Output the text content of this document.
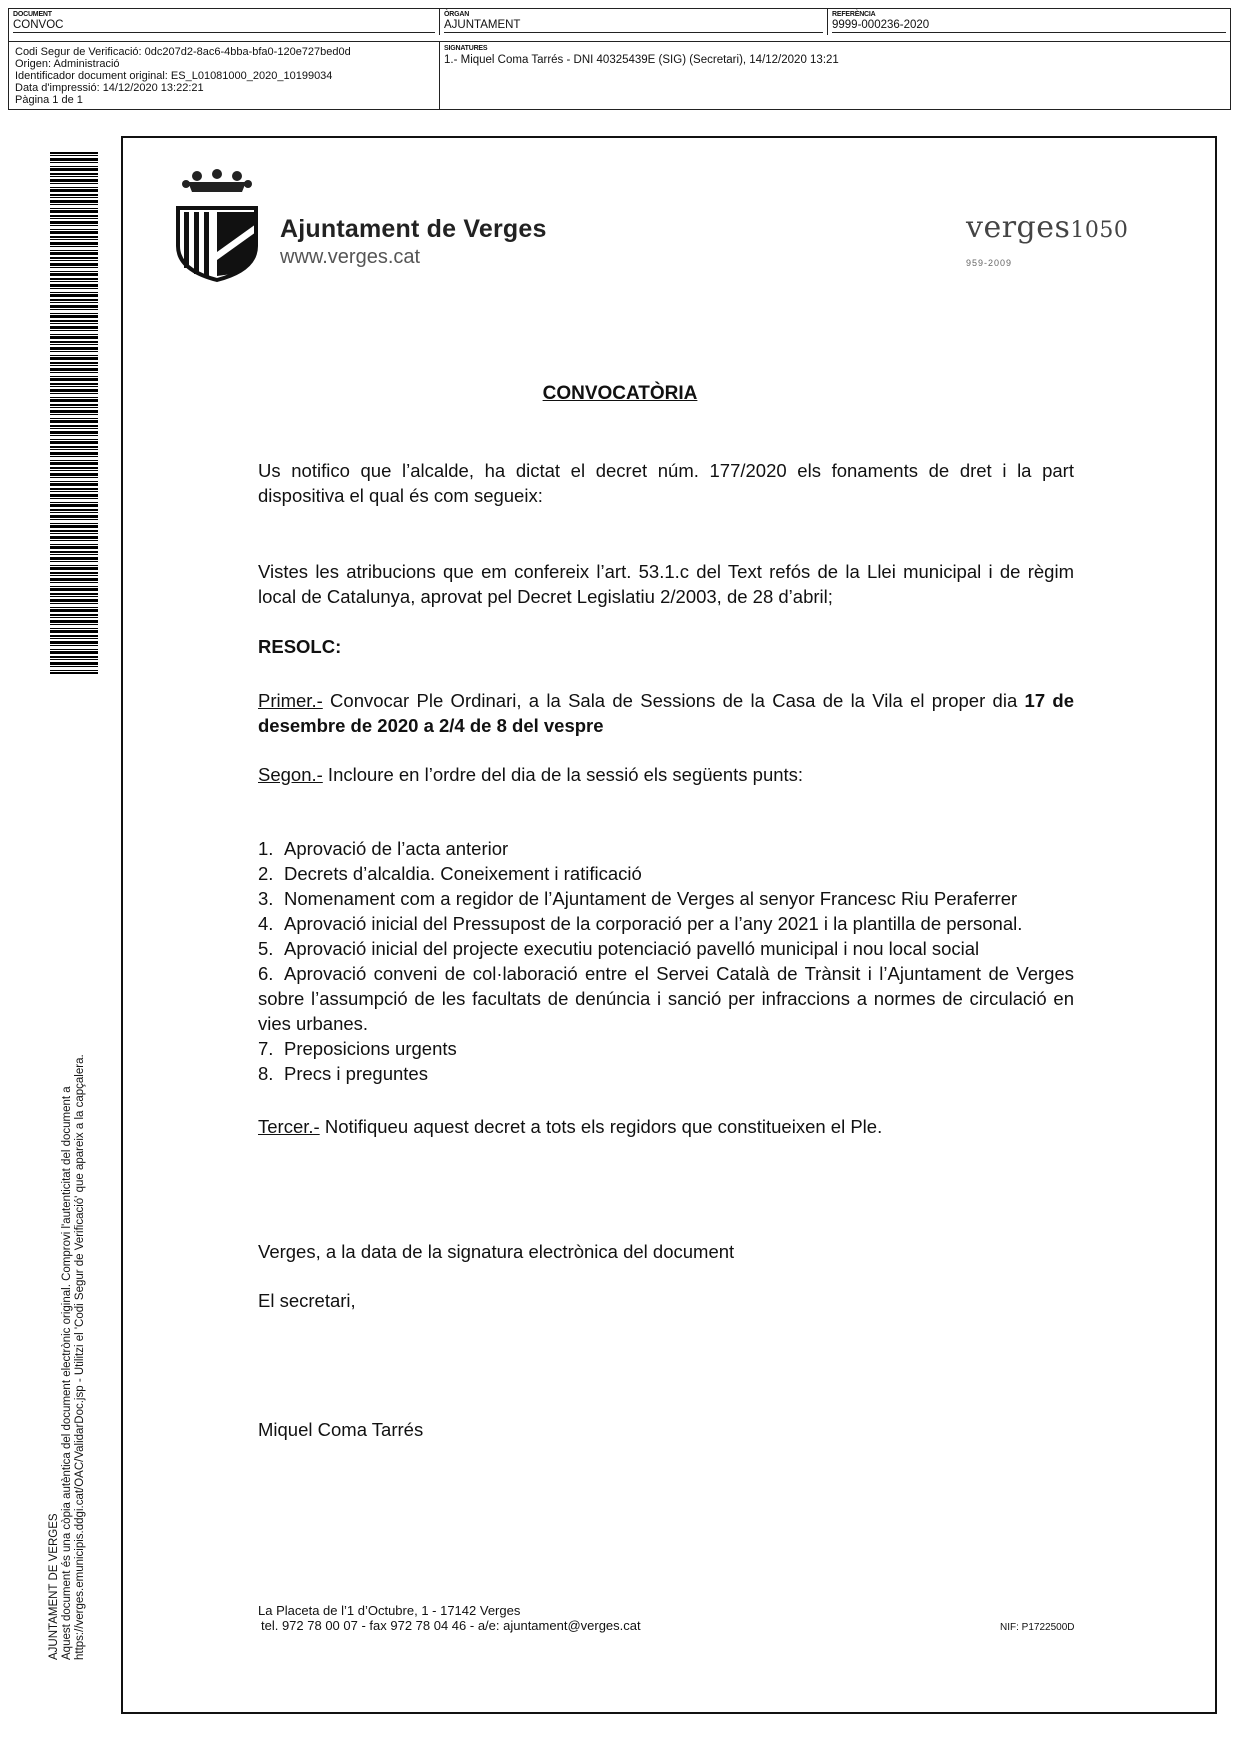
DOCUMENT
CONVOC
ÒRGAN
AJUNTAMENT
REFERÈNCIA
9999-000236-2020
Codi Segur de Verificació: 0dc207d2-8ac6-4bba-bfa0-120e727bed0d
Origen: Administració
Identificador document original: ES_L01081000_2020_10199034
Data d'impressió: 14/12/2020 13:22:21
Pàgina 1 de 1
SIGNATURES
1.- Miquel Coma Tarrés - DNI 40325439E (SIG) (Secretari), 14/12/2020 13:21
AJUNTAMENT DE VERGES Aquest document és una còpia autèntica del document electrònic original. Comprovi l'autenticitat del document a https://verges.emunicipis.ddgi.cat/OAC/ValidarDoc.jsp - Utilitzi el 'Codi Segur de Verificació' que apareix a la capçalera.
Ajuntament de Verges
www.verges.cat
verges1050
959-2009
CONVOCATÒRIA
Us notifico que l’alcalde, ha dictat el decret núm. 177/2020 els fonaments de dret i la part dispositiva el qual és com segueix:
Vistes les atribucions que em confereix l’art. 53.1.c del Text refós de la Llei municipal i de règim local de Catalunya, aprovat pel Decret Legislatiu 2/2003, de 28 d’abril;
RESOLC:
Primer.- Convocar Ple Ordinari, a la Sala de Sessions de la Casa de la Vila el proper dia 17 de desembre de 2020 a 2/4 de 8 del vespre
Segon.- Incloure en l’ordre del dia de la sessió els següents punts:
1. Aprovació de l’acta anterior
2. Decrets d’alcaldia. Coneixement i ratificació
3. Nomenament com a regidor de l’Ajuntament de Verges al senyor Francesc Riu Peraferrer
4. Aprovació inicial del Pressupost de la corporació per a l’any 2021 i la plantilla de personal.
5. Aprovació inicial del projecte executiu potenciació pavelló municipal i nou local social
6. Aprovació conveni de col·laboració entre el Servei Català de Trànsit i l’Ajuntament de Verges sobre l’assumpció de les facultats de denúncia i sanció per infraccions a normes de circulació en vies urbanes.
7. Preposicions urgents
8. Precs i preguntes
Tercer.- Notifiqueu aquest decret a tots els regidors que constitueixen el Ple.
Verges, a la data de la signatura electrònica del document
El secretari,
Miquel Coma Tarrés
La Placeta de l’1 d’Octubre, 1 - 17142 Verges
tel. 972 78 00 07 - fax 972 78 04 46 - a/e: ajuntament@verges.cat	NIF: P1722500D
